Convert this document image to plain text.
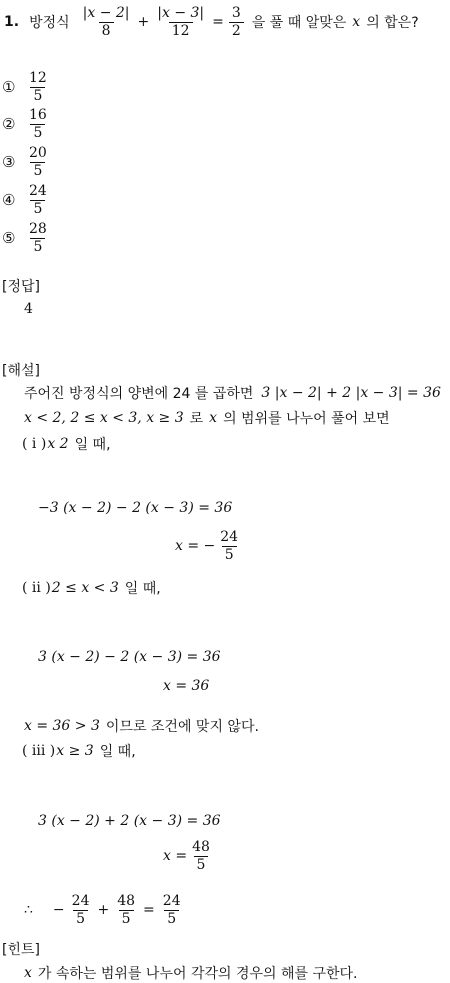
1. 방정식 $\frac{|x - 2|}{8} + \frac{|x - 3|}{12} = \frac{3}{2}$ 을 풀 때 알맞은 x 의 합은?
① $\frac{12}{5}$
② $\frac{16}{5}$
③ $\frac{20}{5}$
④ $\frac{24}{5}$
⑤ $\frac{28}{5}$
[정답]
4
[해설]
주어진 방정식의 양변에 24 를 곱하면 3 |x − 2| + 2 |x − 3| = 36
x < 2, 2 ≤ x < 3, x ≥ 3 로 x 의 범위를 나누어 풀어 보면
( i ) x 2 일 때,
−3 (x − 2) − 2 (x − 3) = 36
x = − $\frac{24}{5}$
( ii ) 2 ≤ x < 3 일 때,
3 (x − 2) − 2 (x − 3) = 36
x = 36
x = 36 > 3 이므로 조건에 맞지 않다.
( iii ) x ≥ 3 일 때,
3 (x − 2) + 2 (x − 3) = 36
$x = \frac{48}{5}$
∴ − $\frac{24}{5} + \frac{48}{5} = \frac{24}{5}$
[힌트]
x 가 속하는 범위를 나누어 각각의 경우의 해를 구한다.
